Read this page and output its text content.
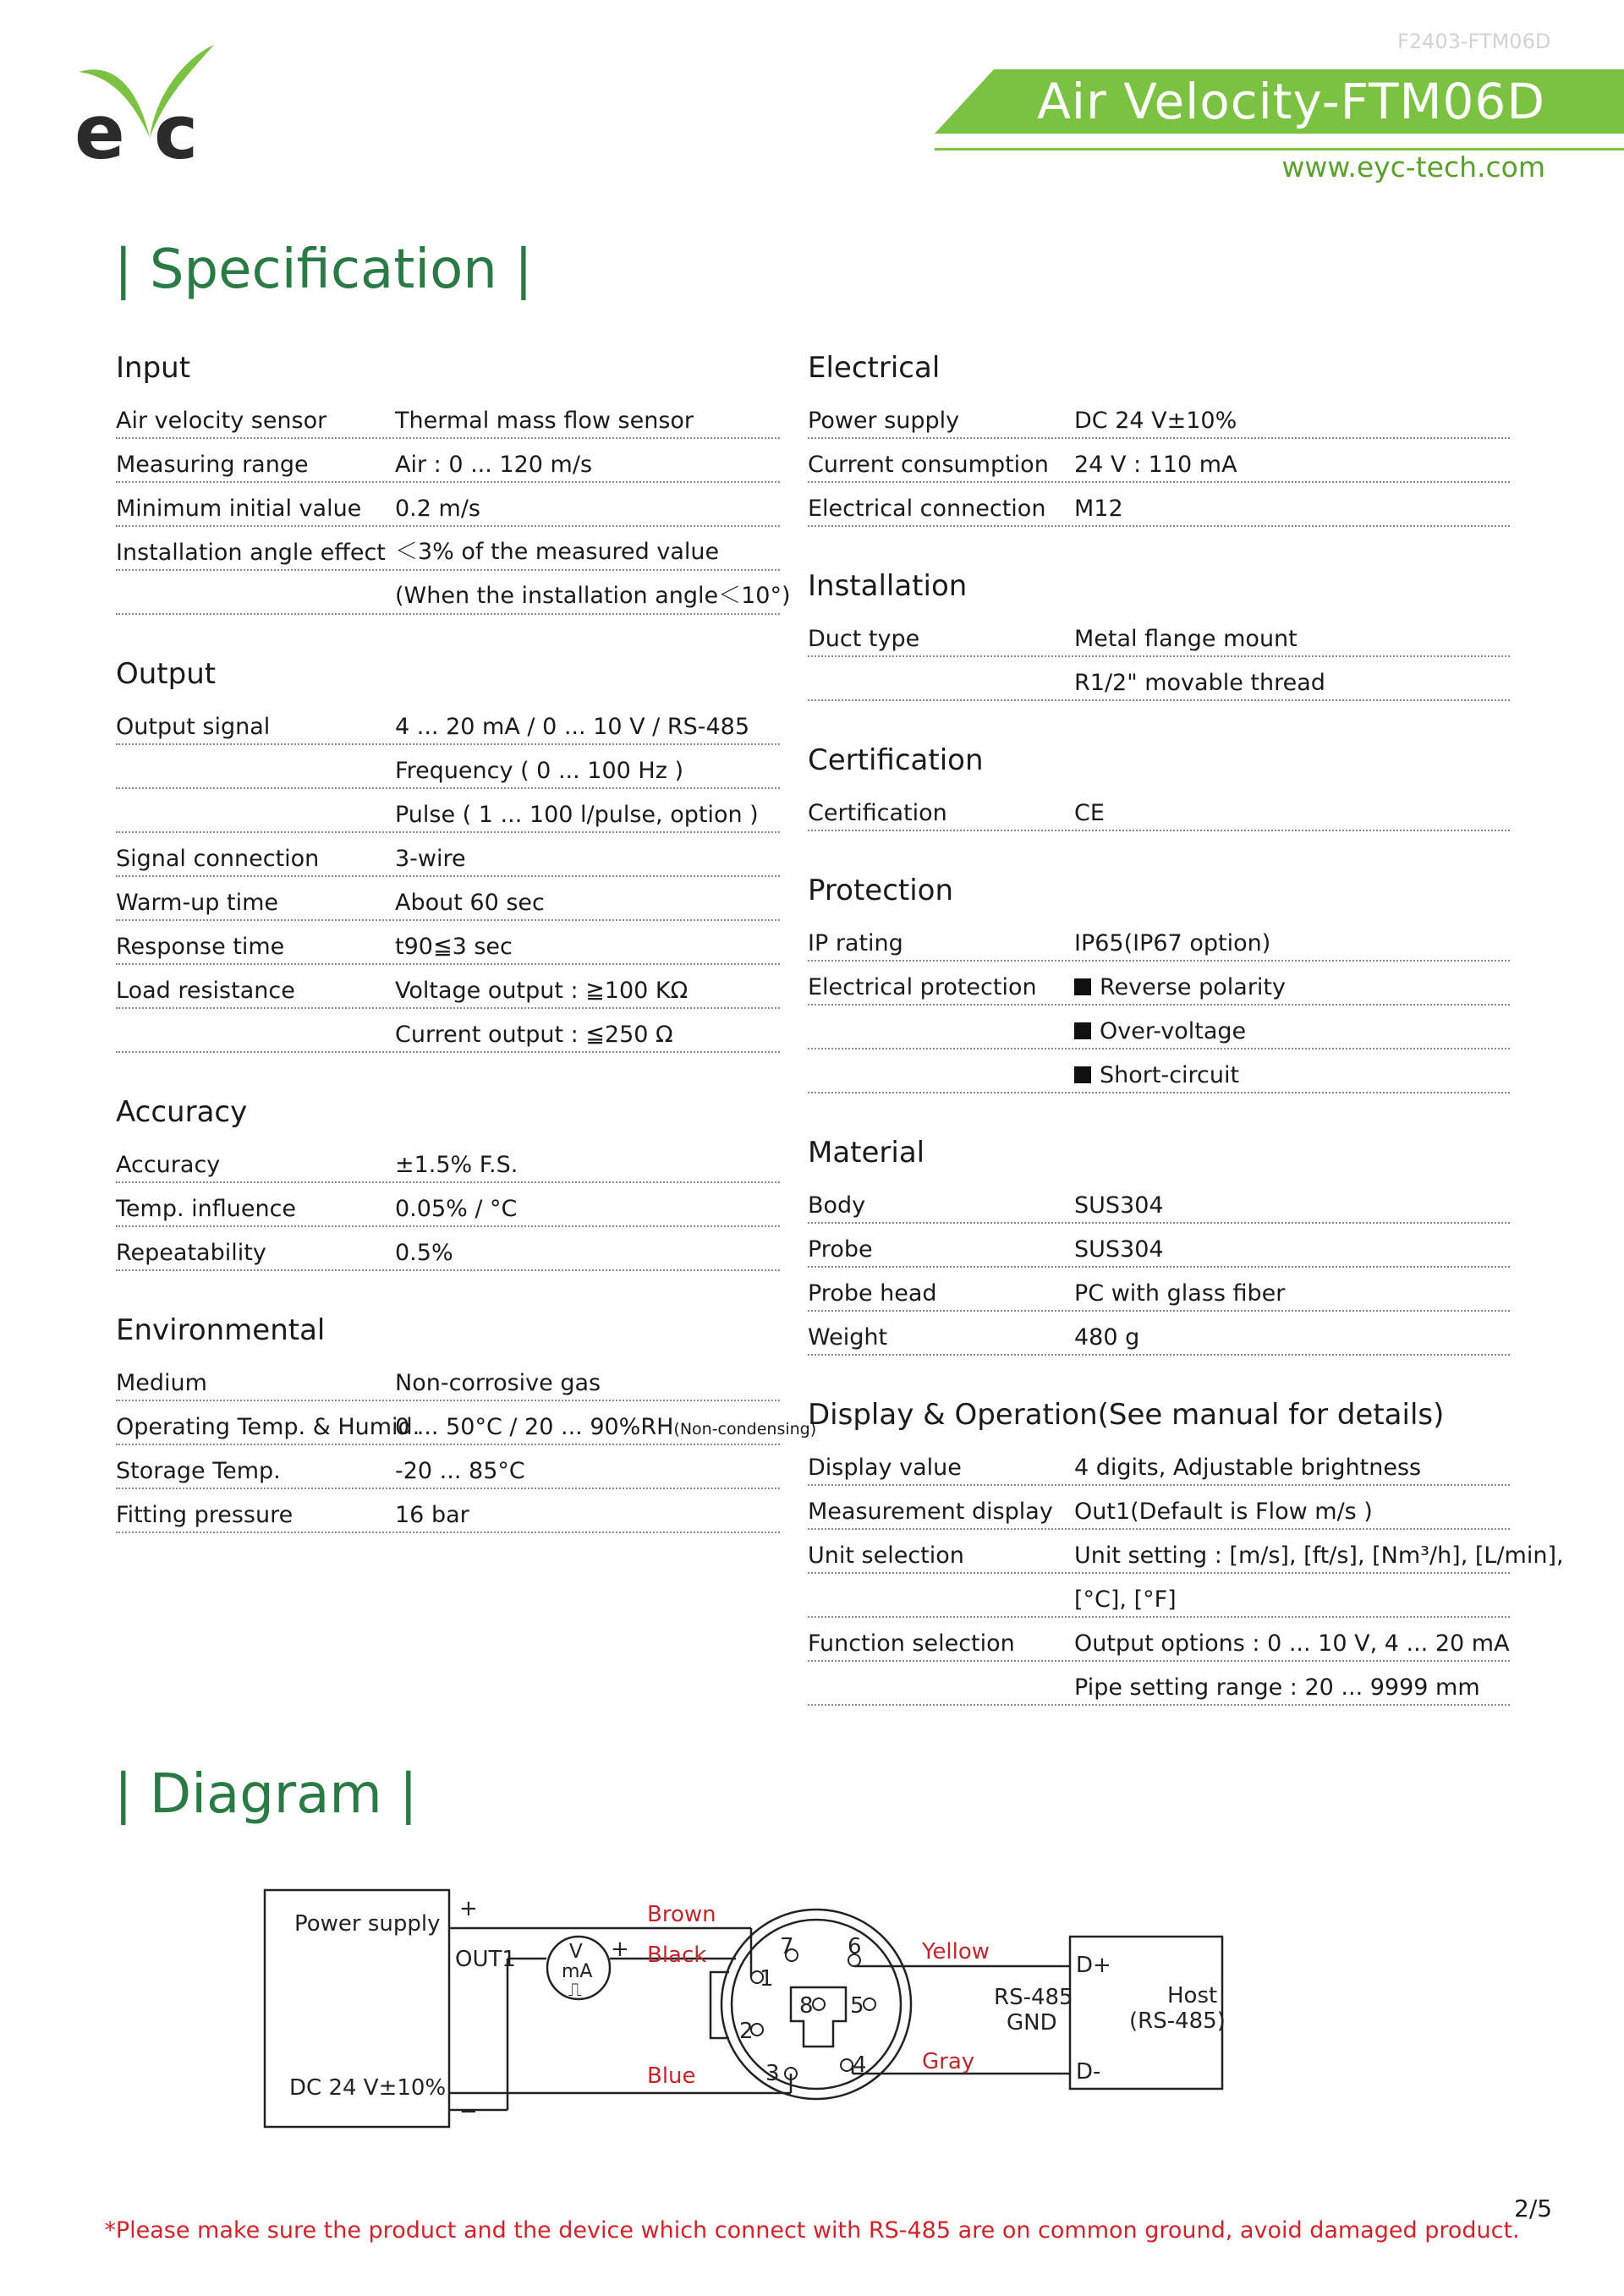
F2403-FTM06D
e c	Air Velocity-FTM06D
www.eyc-tech.com
| Specification |
Input
Air velocity sensor	Thermal mass flow sensor
Measuring range	Air : 0 ... 120 m/s
Minimum initial value 0.2 m/s
Installation angle effect ＜3% of the measured value
(When the installation angle＜10°)
Output
Output signal	4 ... 20 mA / 0 ... 10 V / RS-485
Frequency ( 0 ... 100 Hz )
Pulse ( 1 ... 100 l/pulse, option )
Signal connection	3-wire
Warm-up time	About 60 sec
Response time	t90≦3 sec
Load resistance	Voltage output : ≧100 KΩ
Current output : ≦250 Ω
Accuracy
Accuracy	±1.5% F.S.
Temp. influence	0.05% / °C
Repeatability	0.5%
Environmental
Medium	Non-corrosive gas
Operating Temp. & Humid.
0 ... 50°C / 20 ... 90%RH(Non-condensing)
Storage Temp.	-20 ... 85°C
Fitting pressure	16 bar
Electrical
Power supply	DC 24 V±10%
Current consumption 24 V : 110 mA
Electrical connection M12
Installation
Duct type	Metal flange mount
R1/2" movable thread
Certification
Certification	CE
Protection
IP rating	IP65(IP67 option)
Electrical protection	Reverse polarity
Over-voltage
Short-circuit
Material
Body	SUS304
Probe	SUS304
Probe head	PC with glass fiber
Weight	480 g
Display & Operation(See manual for details)
Display value	4 digits, Adjustable brightness
Measurement display Out1(Default is Flow m/s )
Unit selection	Unit setting : [m/s], [ft/s], [Nm³/h], [L/min],
[°C], [°F]
Function selection	Output options : 0 ... 10 V, 4 ... 20 mA
Pipe setting range : 20 ... 9999 mm
| Diagram |
Power supply
DC 24 V±10%
+
−
OUT1	V
mA
⎍
+
1
2
3	4
5
6
7
8	RS-485
GND
D+
D-
Host
(RS-485)
Brown
Black
Blue
Yellow
Gray
2/5
*Please make sure the product and the device which connect with RS-485 are on common ground, avoid damaged product.
